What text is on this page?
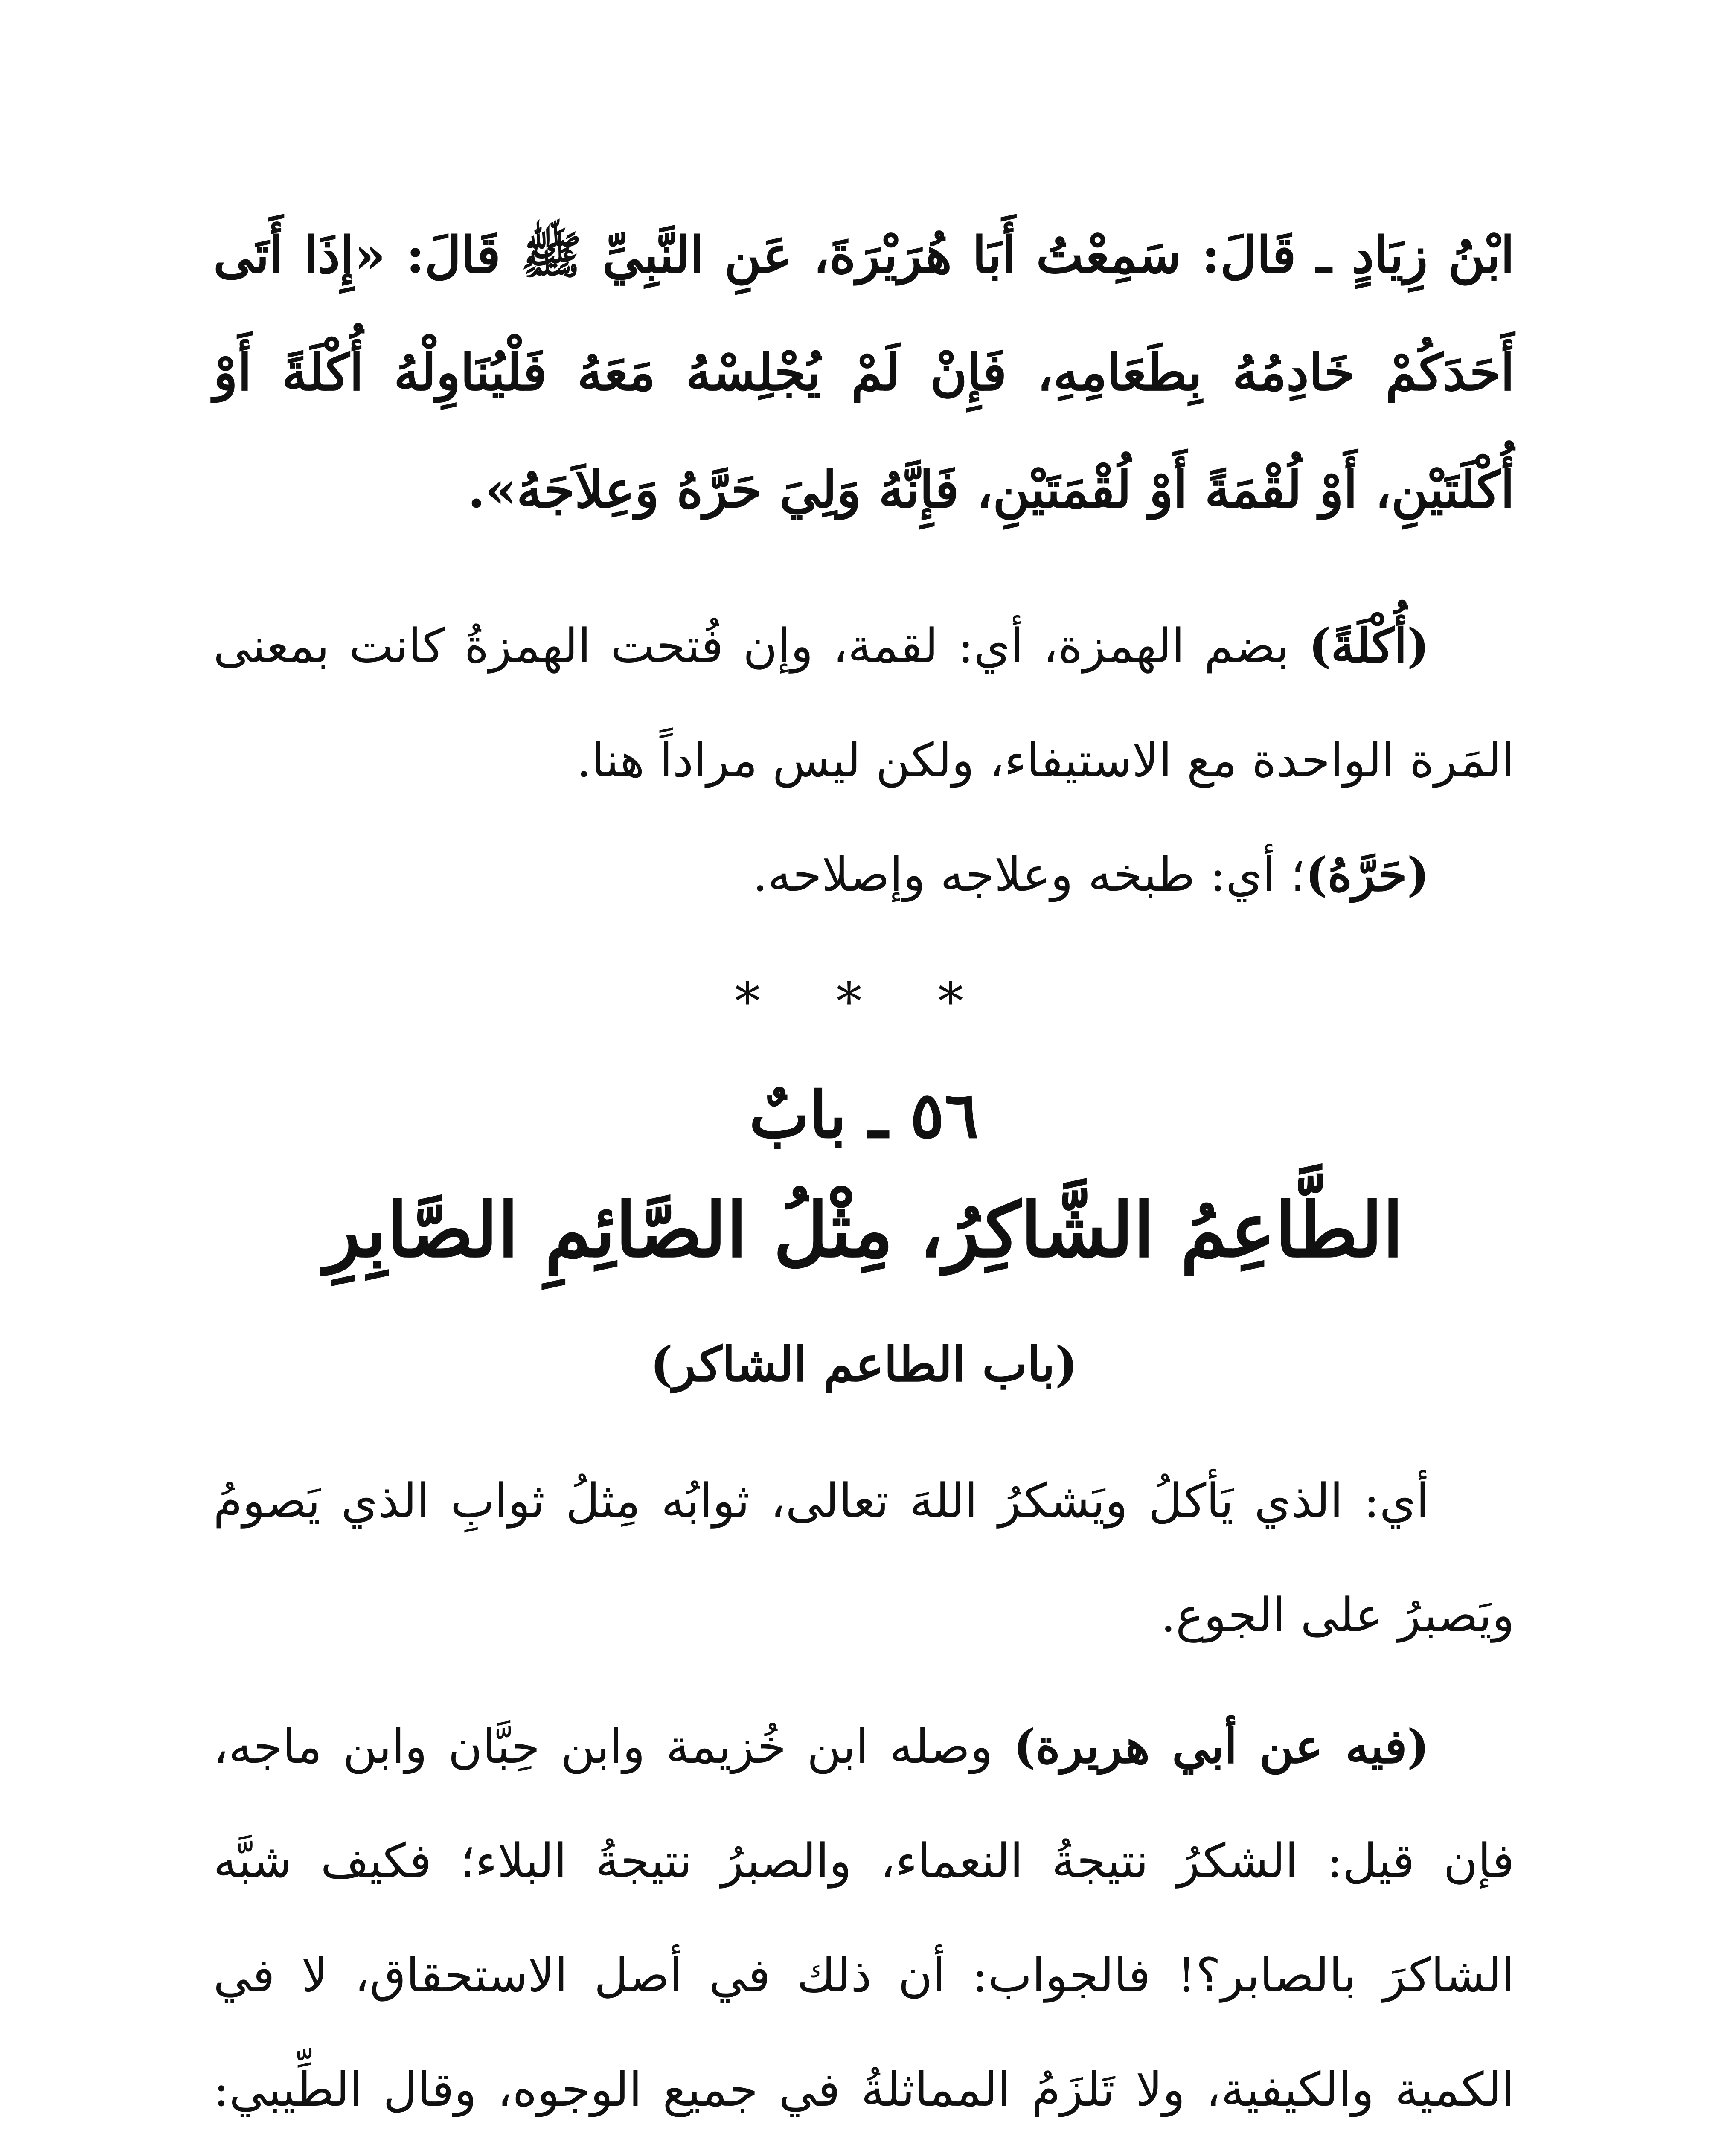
ابْنُ زِيَادٍ ـ قَالَ: سَمِعْتُ أَبَا هُرَيْرَةَ، عَنِ النَّبِيِّ ﷺ قَالَ: «إِذَا أَتَى أَحَدَكُمْ خَادِمُهُ بِطَعَامِهِ، فَإِنْ لَمْ يُجْلِسْهُ مَعَهُ فَلْيُنَاوِلْهُ أُكْلَةً أَوْ أُكْلَتَيْنِ، أَوْ لُقْمَةً أَوْ لُقْمَتَيْنِ، فَإِنَّهُ وَلِيَ حَرَّهُ وَعِلاَجَهُ».

(أُكْلَةً) بضم الهمزة، أي: لقمة، وإن فُتحت الهمزةُ كانت بمعنى المَرة الواحدة مع الاستيفاء، ولكن ليس مراداً هنا.

(حَرَّهُ)؛ أي: طبخه وعلاجه وإصلاحه.

* * *
٥٦ ـ بابٌ
الطَّاعِمُ الشَّاكِرُ، مِثْلُ الصَّائِمِ الصَّابِرِ
(باب الطاعم الشاكر)

أي: الذي يَأكلُ ويَشكرُ اللهَ تعالى، ثوابُه مِثلُ ثوابِ الذي يَصومُ ويَصبرُ على الجوع.

(فيه عن أبي هريرة) وصله ابن خُزيمة وابن حِبَّان وابن ماجه، فإن قيل: الشكرُ نتيجةُ النعماء، والصبرُ نتيجةُ البلاء؛ فكيف شبَّه الشاكرَ بالصابر؟! فالجواب: أن ذلك في أصل الاستحقاق، لا في الكمية والكيفية، ولا تَلزَمُ المماثلةُ في جميع الوجوه، وقال الطِّيبي:
